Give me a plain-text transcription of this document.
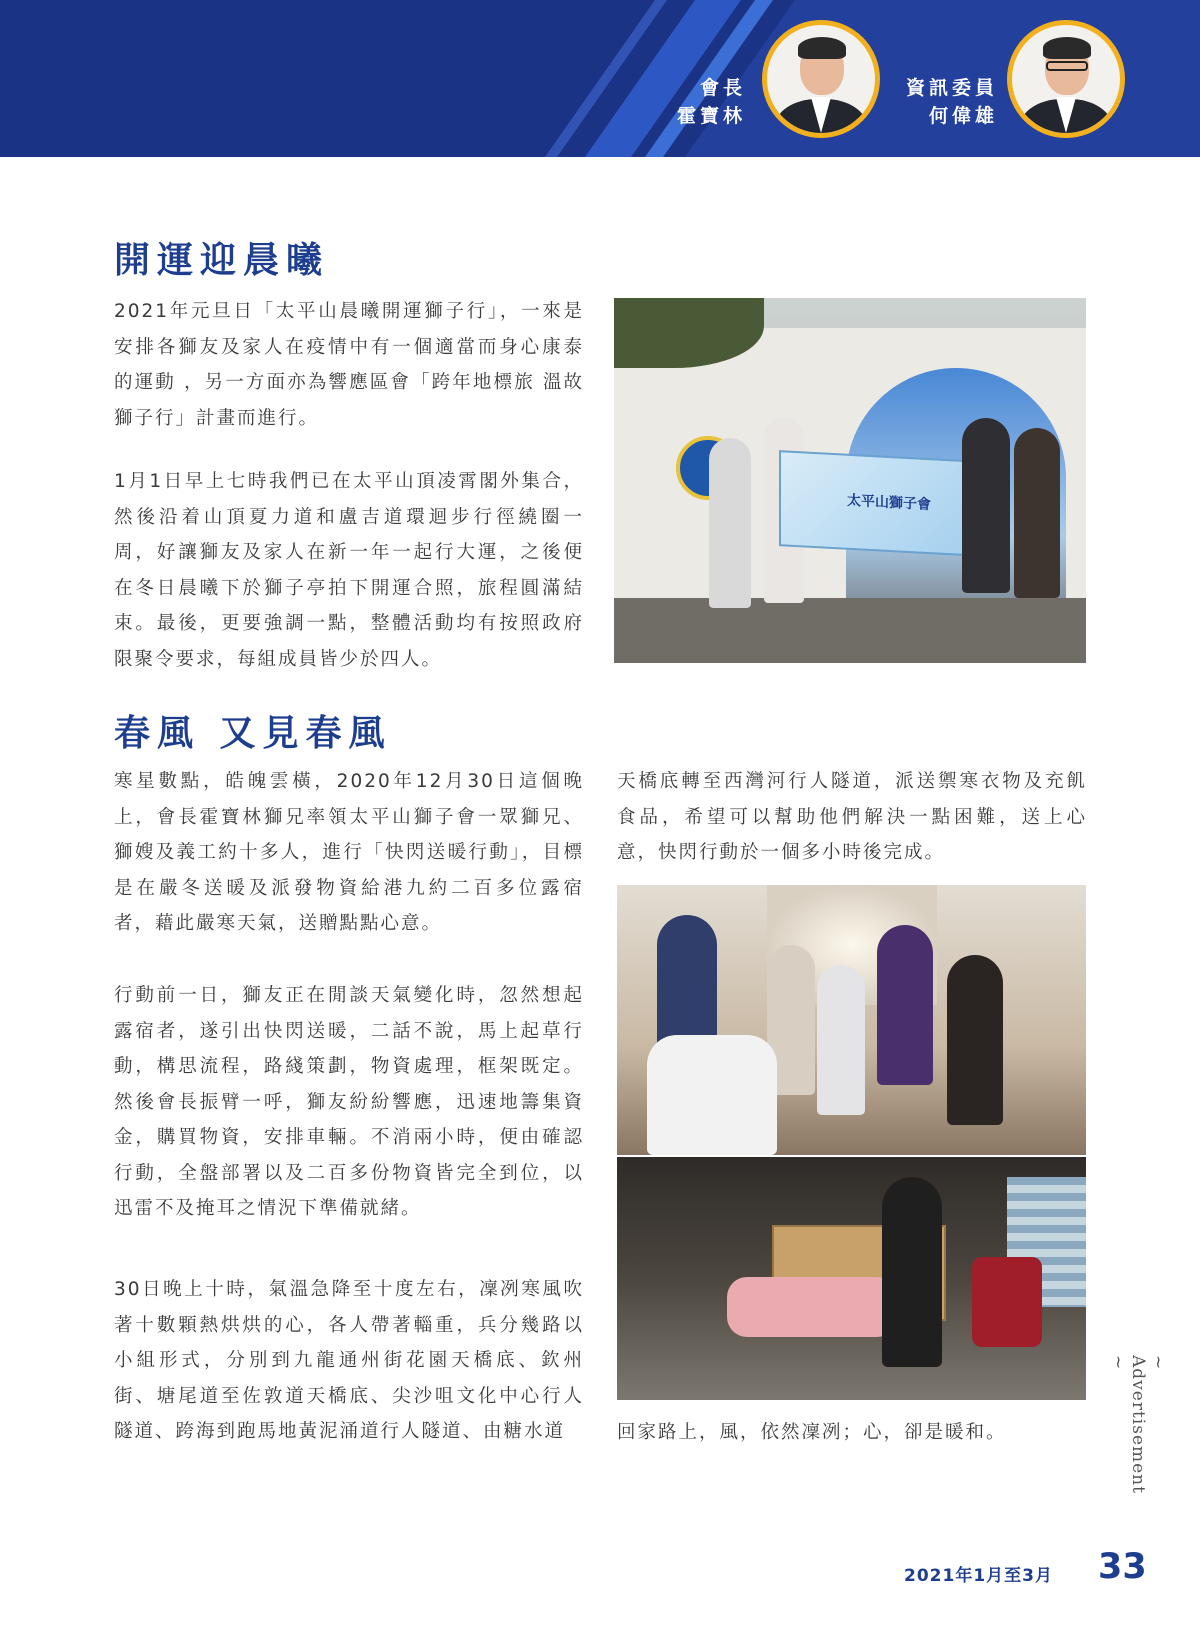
會長
霍寶林
資訊委員
何偉雄
開運迎晨曦

2021年元旦日「太平山晨曦開運獅子行」，一來是安排各獅友及家人在疫情中有一個適當而身心康泰的運動 ，另一方面亦為響應區會「跨年地標旅 溫故獅子行」計畫而進行。

1月1日早上七時我們已在太平山頂凌霄閣外集合，然後沿着山頂夏力道和盧吉道環迴步行徑繞圈一周，好讓獅友及家人在新一年一起行大運，之後便在冬日晨曦下於獅子亭拍下開運合照，旅程圓滿結束。最後，更要強調一點，整體活動均有按照政府限聚令要求，每組成員皆少於四人。

太平山獅子會
春風 又見春風

寒星數點，皓魄雲橫，2020年12月30日這個晚上，會長霍寶林獅兄率領太平山獅子會一眾獅兄、獅嫂及義工約十多人，進行「快閃送暖行動」，目標是在嚴冬送暖及派發物資給港九約二百多位露宿者，藉此嚴寒天氣，送贈點點心意。

行動前一日，獅友正在閒談天氣變化時，忽然想起露宿者，遂引出快閃送暖，二話不說，馬上起草行動，構思流程，路綫策劃，物資處理，框架既定。然後會長振臂一呼，獅友紛紛響應，迅速地籌集資金，購買物資，安排車輛。不消兩小時，便由確認行動，全盤部署以及二百多份物資皆完全到位，以迅雷不及掩耳之情況下準備就緒。

30日晚上十時，氣溫急降至十度左右，凜冽寒風吹著十數顆熱烘烘的心，各人帶著輜重，兵分幾路以小組形式，分別到九龍通州街花園天橋底、欽州街、塘尾道至佐敦道天橋底、尖沙咀文化中心行人隧道、跨海到跑馬地黃泥涌道行人隧道、由糖水道

天橋底轉至西灣河行人隧道，派送禦寒衣物及充飢食品，希望可以幫助他們解決一點困難，送上心意，快閃行動於一個多小時後完成。

回家路上，風，依然凜冽；心，卻是暖和。
~ Advertisement ~
2021年1月至3月 33
